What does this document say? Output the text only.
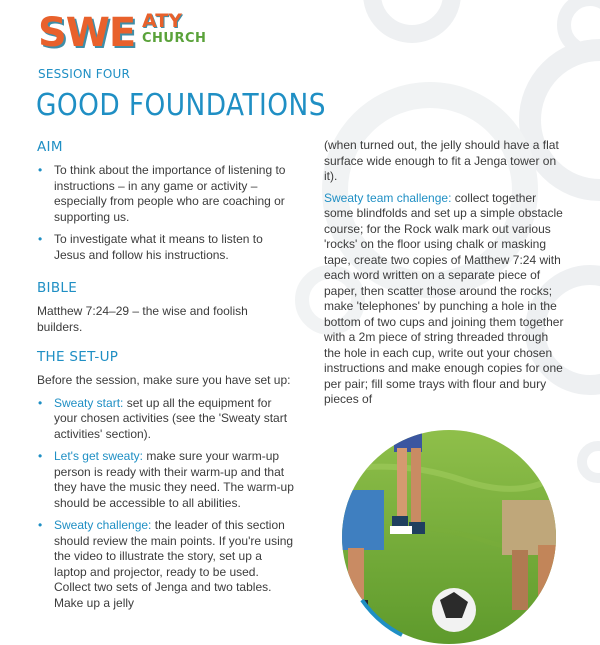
SWE ATY
CHURCH
SESSION FOUR
GOOD FOUNDATIONS
AIM
• To think about the importance of listening to instructions – in any game or activity – especially from people who are coaching or supporting us.
• To investigate what it means to listen to Jesus and follow his instructions.
BIBLE

Matthew 7:24–29 – the wise and foolish builders.

THE SET-UP

Before the session, make sure you have set up:

• Sweaty start: set up all the equipment for your chosen activities (see the 'Sweaty start activities' section).
• Let's get sweaty: make sure your warm-up person is ready with their warm-up and that they have the music they need. The warm-up should be accessible to all abilities.
• Sweaty challenge: the leader of this section should review the main points. If you're using the video to illustrate the story, set up a laptop and projector, ready to be used. Collect two sets of Jenga and two tables. Make up a jelly

(when turned out, the jelly should have a flat surface wide enough to fit a Jenga tower on it).

Sweaty team challenge: collect together some blindfolds and set up a simple obstacle course; for the Rock walk mark out various 'rocks' on the floor using chalk or masking tape, create two copies of Matthew 7:24 with each word written on a separate piece of paper, then scatter those around the rocks; make 'telephones' by punching a hole in the bottom of two cups and joining them together with a 2m piece of string threaded through the hole in each cup, write out your chosen instructions and make enough copies for one per pair; fill some trays with flour and bury pieces of
